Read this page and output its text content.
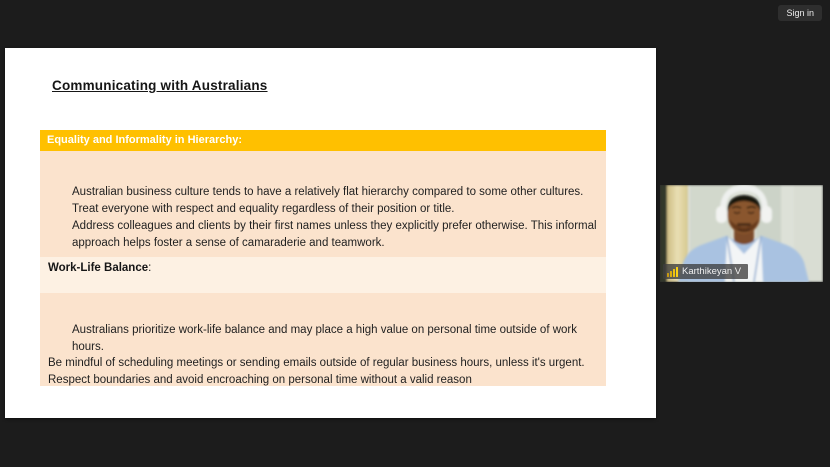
Sign in
Communicating with Australians
Equality and Informality in Hierarchy:
Australian business culture tends to have a relatively flat hierarchy compared to some other cultures.
Treat everyone with respect and equality regardless of their position or title.
Address colleagues and clients by their first names unless they explicitly prefer otherwise. This informal
approach helps foster a sense of camaraderie and teamwork.
Work-Life Balance:
Australians prioritize work-life balance and may place a high value on personal time outside of work
hours.
Be mindful of scheduling meetings or sending emails outside of regular business hours, unless it's urgent.
Respect boundaries and avoid encroaching on personal time without a valid reason
Karthikeyan V
